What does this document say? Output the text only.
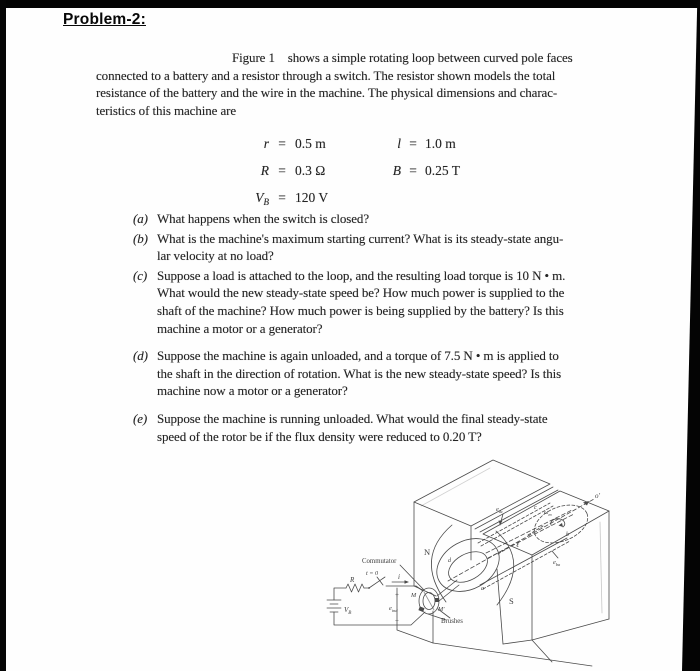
Problem-2:
Figure 1 shows a simple rotating loop between curved pole faces
connected to a battery and a resistor through a switch. The resistor shown models the total
resistance of the battery and the wire in the machine. The physical dimensions and charac-
teristics of this machine are
r = 0.5 m	l = 1.0 m
R = 0.3 Ω	B = 0.25 T
$V_B = 120$ V
(a) What happens when the switch is closed?
(b) What is the machine's maximum starting current? What is its steady-state angu-
lar velocity at no load?
(c) Suppose a load is attached to the loop, and the resulting load torque is 10 N • m.
What would the new steady-state speed be? How much power is supplied to the
shaft of the machine? How much power is being supplied by the battery? Is this
machine a motor or a generator?
(d) Suppose the machine is again unloaded, and a torque of 7.5 N • m is applied to
the shaft in the direction of rotation. What is the new steady-state speed? Is this
machine now a motor or a generator?
(e) Suppose the machine is running unloaded. What would the final steady-state
speed of the rotor be if the flux density were reduced to 0.20 T?
Commutator
Brushes
N
S
R
$V_B$
t = 0	i
+
$e_{ind}$
−
M
M′
$e_{dc}$
$e_{ba}$
$\omega_m$
o′
ℓ
a
b
c
d
